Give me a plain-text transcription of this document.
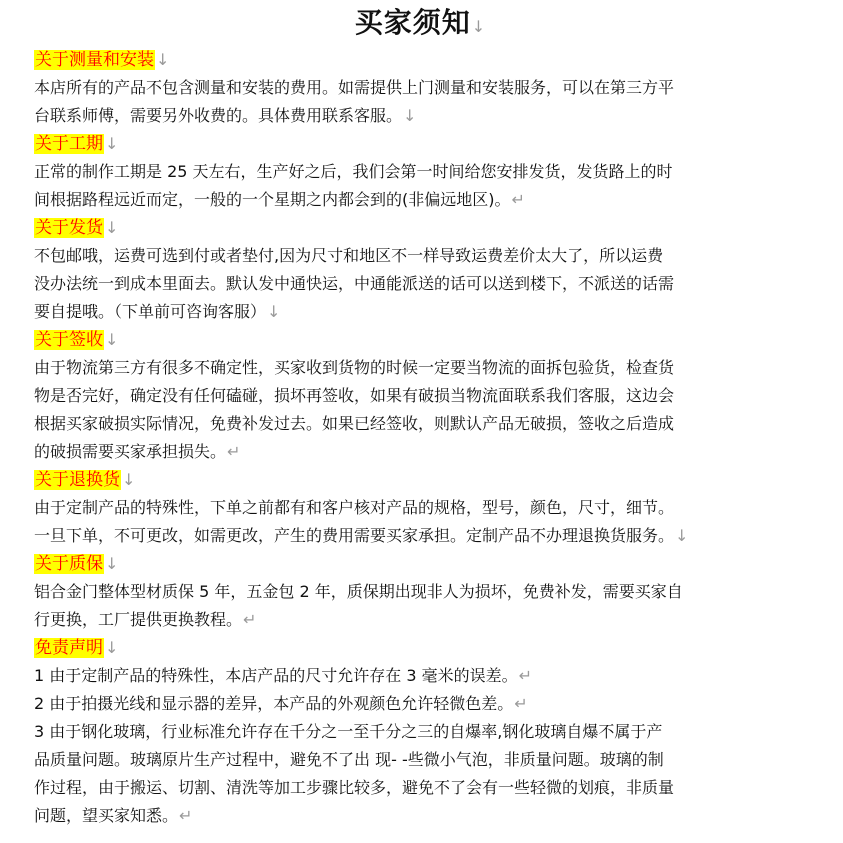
买家须知↓
关于测量和安装 ↓
本店所有的产品不包含测量和安装的费用。如需提供上门测量和安装服务，可以在第三方平
台联系师傅，需要另外收费的。具体费用联系客服。↓
关于工期 ↓
正常的制作工期是 25 天左右，生产好之后，我们会第一时间给您安排发货，发货路上的时
间根据路程远近而定，一般的一个星期之内都会到的(非偏远地区)。↵
关于发货 ↓
不包邮哦，运费可选到付或者垫付,因为尺寸和地区不一样导致运费差价太大了，所以运费
没办法统一到成本里面去。默认发中通快运，中通能派送的话可以送到楼下，不派送的话需
要自提哦。（下单前可咨询客服）↓
关于签收 ↓
由于物流第三方有很多不确定性，买家收到货物的时候一定要当物流的面拆包验货，检查货
物是否完好，确定没有任何磕碰，损坏再签收，如果有破损当物流面联系我们客服，这边会
根据买家破损实际情况，免费补发过去。如果已经签收，则默认产品无破损，签收之后造成
的破损需要买家承担损失。↵
关于退换货 ↓
由于定制产品的特殊性，下单之前都有和客户核对产品的规格，型号，颜色，尺寸，细节。
一旦下单，不可更改，如需更改，产生的费用需要买家承担。定制产品不办理退换货服务。↓
关于质保 ↓
铝合金门整体型材质保 5 年，五金包 2 年，质保期出现非人为损坏，免费补发，需要买家自
行更换，工厂提供更换教程。↵
免责声明 ↓
1 由于定制产品的特殊性，本店产品的尺寸允许存在 3 毫米的误差。↵
2 由于拍摄光线和显示器的差异，本产品的外观颜色允许轻微色差。↵
3 由于钢化玻璃，行业标准允许存在千分之一至千分之三的自爆率,钢化玻璃自爆不属于产
品质量问题。玻璃原片生产过程中，避免不了出 现- -些微小气泡，非质量问题。玻璃的制
作过程，由于搬运、切割、清洗等加工步骤比较多，避免不了会有一些轻微的划痕，非质量
问题，望买家知悉。↵
